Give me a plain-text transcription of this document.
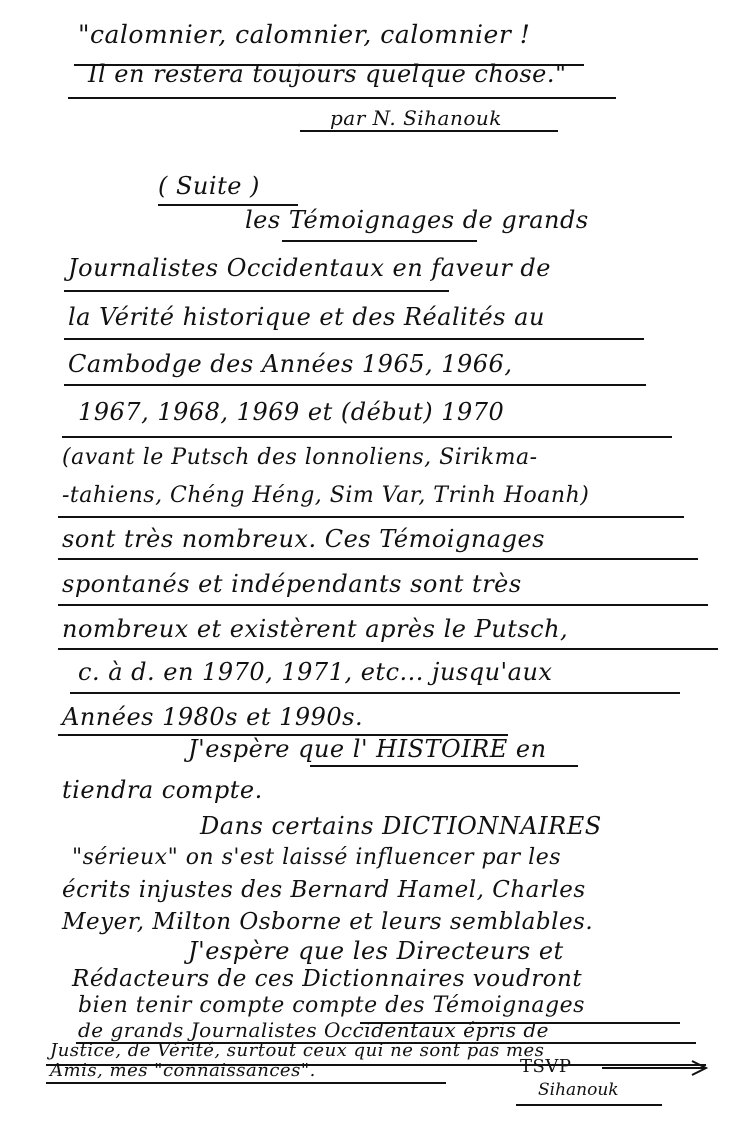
"calomnier, calomnier, calomnier !
Il en restera toujours quelque chose."
par N. Sihanouk
( Suite )
les Témoignages de grands
Journalistes Occidentaux en faveur de
la Vérité historique et des Réalités au
Cambodge des Années 1965, 1966,
1967, 1968, 1969 et (début) 1970
(avant le Putsch des lonnoliens, Sirikma-
-tahiens, Chéng Héng, Sim Var, Trinh Hoanh)
sont très nombreux. Ces Témoignages
spontanés et indépendants sont très
nombreux et existèrent après le Putsch,
c. à d. en 1970, 1971, etc... jusqu'aux
Années 1980s et 1990s.
J'espère que l' HISTOIRE en
tiendra compte.
Dans certains DICTIONNAIRES
"sérieux" on s'est laissé influencer par les
écrits injustes des Bernard Hamel, Charles
Meyer, Milton Osborne et leurs semblables.
J'espère que les Directeurs et
Rédacteurs de ces Dictionnaires voudront
bien tenir compte compte des Témoignages
de grands Journalistes Occidentaux épris de
Justice, de Vérité, surtout ceux qui ne sont pas mes
Amis, mes "connaissances".	TSVP
Sihanouk
